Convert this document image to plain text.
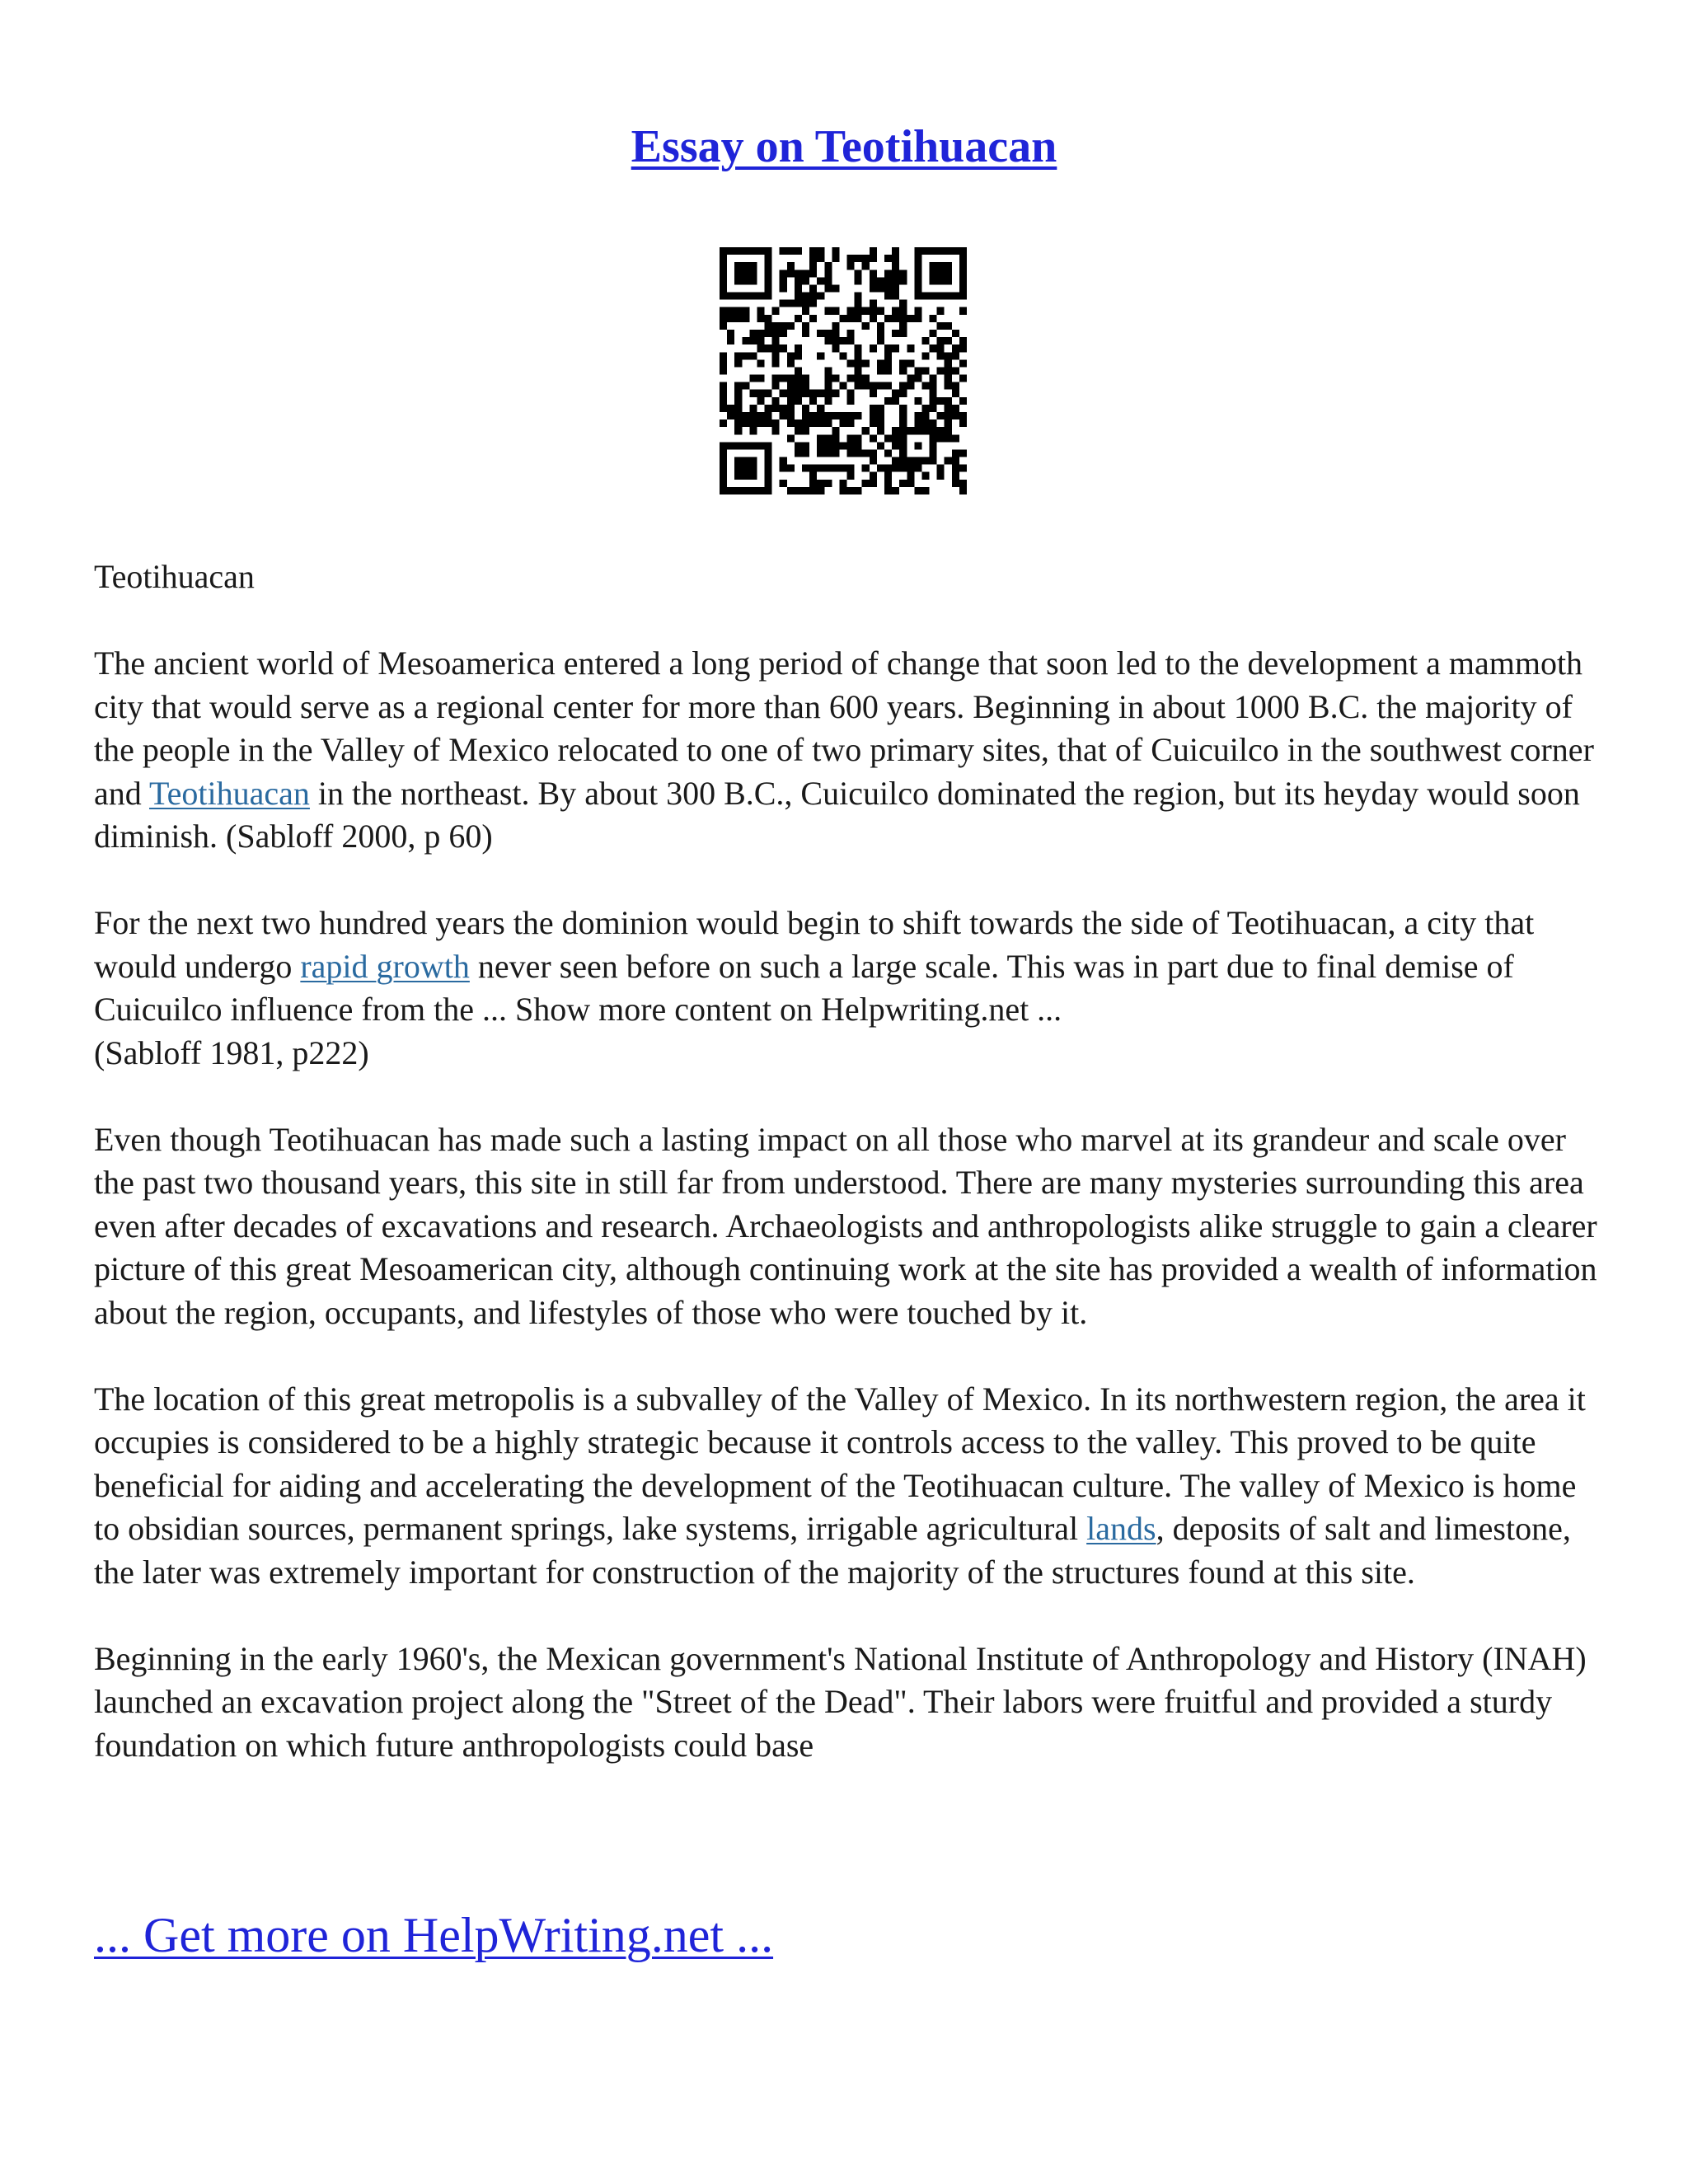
Essay on Teotihuacan

Teotihuacan

The ancient world of Mesoamerica entered a long period of change that soon led to the development a mammoth city that would serve as a regional center for more than 600 years. Beginning in about 1000 B.C. the majority of the people in the Valley of Mexico relocated to one of two primary sites, that of Cuicuilco in the southwest corner and Teotihuacan in the northeast. By about 300 B.C., Cuicuilco dominated the region, but its heyday would soon diminish. (Sabloff 2000, p 60)

For the next two hundred years the dominion would begin to shift towards the side of Teotihuacan, a city that would undergo rapid growth never seen before on such a large scale. This was in part due to final demise of Cuicuilco influence from the ... Show more content on Helpwriting.net ...
(Sabloff 1981, p222)

Even though Teotihuacan has made such a lasting impact on all those who marvel at its grandeur and scale over the past two thousand years, this site in still far from understood. There are many mysteries surrounding this area even after decades of excavations and research. Archaeologists and anthropologists alike struggle to gain a clearer picture of this great Mesoamerican city, although continuing work at the site has provided a wealth of information about the region, occupants, and lifestyles of those who were touched by it.

The location of this great metropolis is a subvalley of the Valley of Mexico. In its northwestern region, the area it occupies is considered to be a highly strategic because it controls access to the valley. This proved to be quite beneficial for aiding and accelerating the development of the Teotihuacan culture. The valley of Mexico is home to obsidian sources, permanent springs, lake systems, irrigable agricultural lands, deposits of salt and limestone, the later was extremely important for construction of the majority of the structures found at this site.

Beginning in the early 1960's, the Mexican government's National Institute of Anthropology and History (INAH) launched an excavation project along the "Street of the Dead". Their labors were fruitful and provided a sturdy foundation on which future anthropologists could base

... Get more on HelpWriting.net ...
